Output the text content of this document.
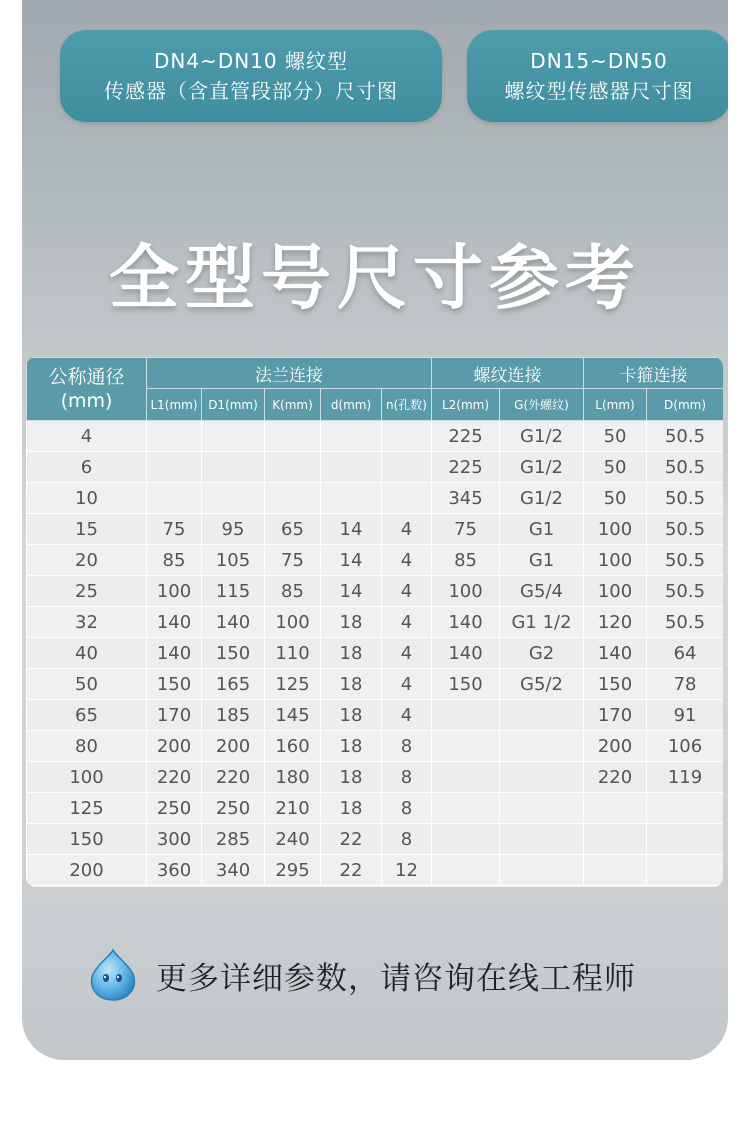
DN4~DN10 螺纹型
传感器（含直管段部分）尺寸图
DN15~DN50
螺纹型传感器尺寸图
全型号尺寸参考
公称通径
(mm)	法兰连接					螺纹连接		卡箍连接	
	L1(mm)	D1(mm)	K(mm)	d(mm)	n(孔数)	L2(mm)	G(外螺纹)	L(mm)	D(mm)
4						225	G1/2	50	50.5
6						225	G1/2	50	50.5
10						345	G1/2	50	50.5
15	75	95	65	14	4	75	G1	100	50.5
20	85	105	75	14	4	85	G1	100	50.5
25	100	115	85	14	4	100	G5/4	100	50.5
32	140	140	100	18	4	140	G1 1/2	120	50.5
40	140	150	110	18	4	140	G2	140	64
50	150	165	125	18	4	150	G5/2	150	78
65	170	185	145	18	4			170	91
80	200	200	160	18	8			200	106
100	220	220	180	18	8			220	119
125	250	250	210	18	8				
150	300	285	240	22	8				
200	360	340	295	22	12				
更多详细参数，请咨询在线工程师
